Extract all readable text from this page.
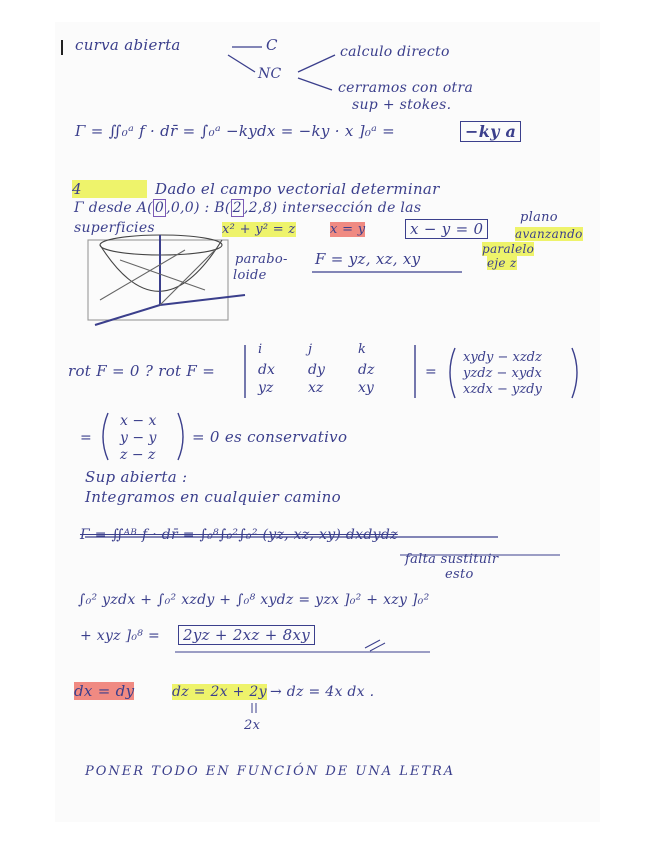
curva abierta	C	calculo directo
NC
cerramos con otra
sup + stokes.
Γ = ∬₀ᵃ f · dr̄ = ∫₀ᵃ −kydx = −ky · x ]₀ᵃ =	−ky a
4	Dado el campo vectorial determinar
Γ desde A( 0 ,0,0) : B( 2 ,2,8) intersección de las
superficies	x² + y² = z	x = y	x − y = 0
plano
avanzando
parabo-
loide
F = yz, xz, xy
paralelo
eje z
rot F = 0 ? rot F =
i	j	k
dx dy dz
yz xz xy
=
xydy − xzdz
yzdz − xydx
xzdx − yzdy
=
x − x
y − y
z − z
= 0 es conservativo
Sup abierta :
Integramos en cualquier camino
Γ = ∬ᴬᴮ f · dr̄ = ∫₀⁸∫₀²∫₀² (yz, xz, xy) dxdydz
falta sustituir
esto
∫₀² yzdx + ∫₀² xzdy + ∫₀⁸ xydz = yzx ]₀² + xzy ]₀²
+ xyz ]₀⁸ =	2yz + 2xz + 8xy
dx = dy	dz = 2x + 2y → dz = 4x dx .
2x
PONER TODO EN FUNCIÓN DE UNA LETRA
